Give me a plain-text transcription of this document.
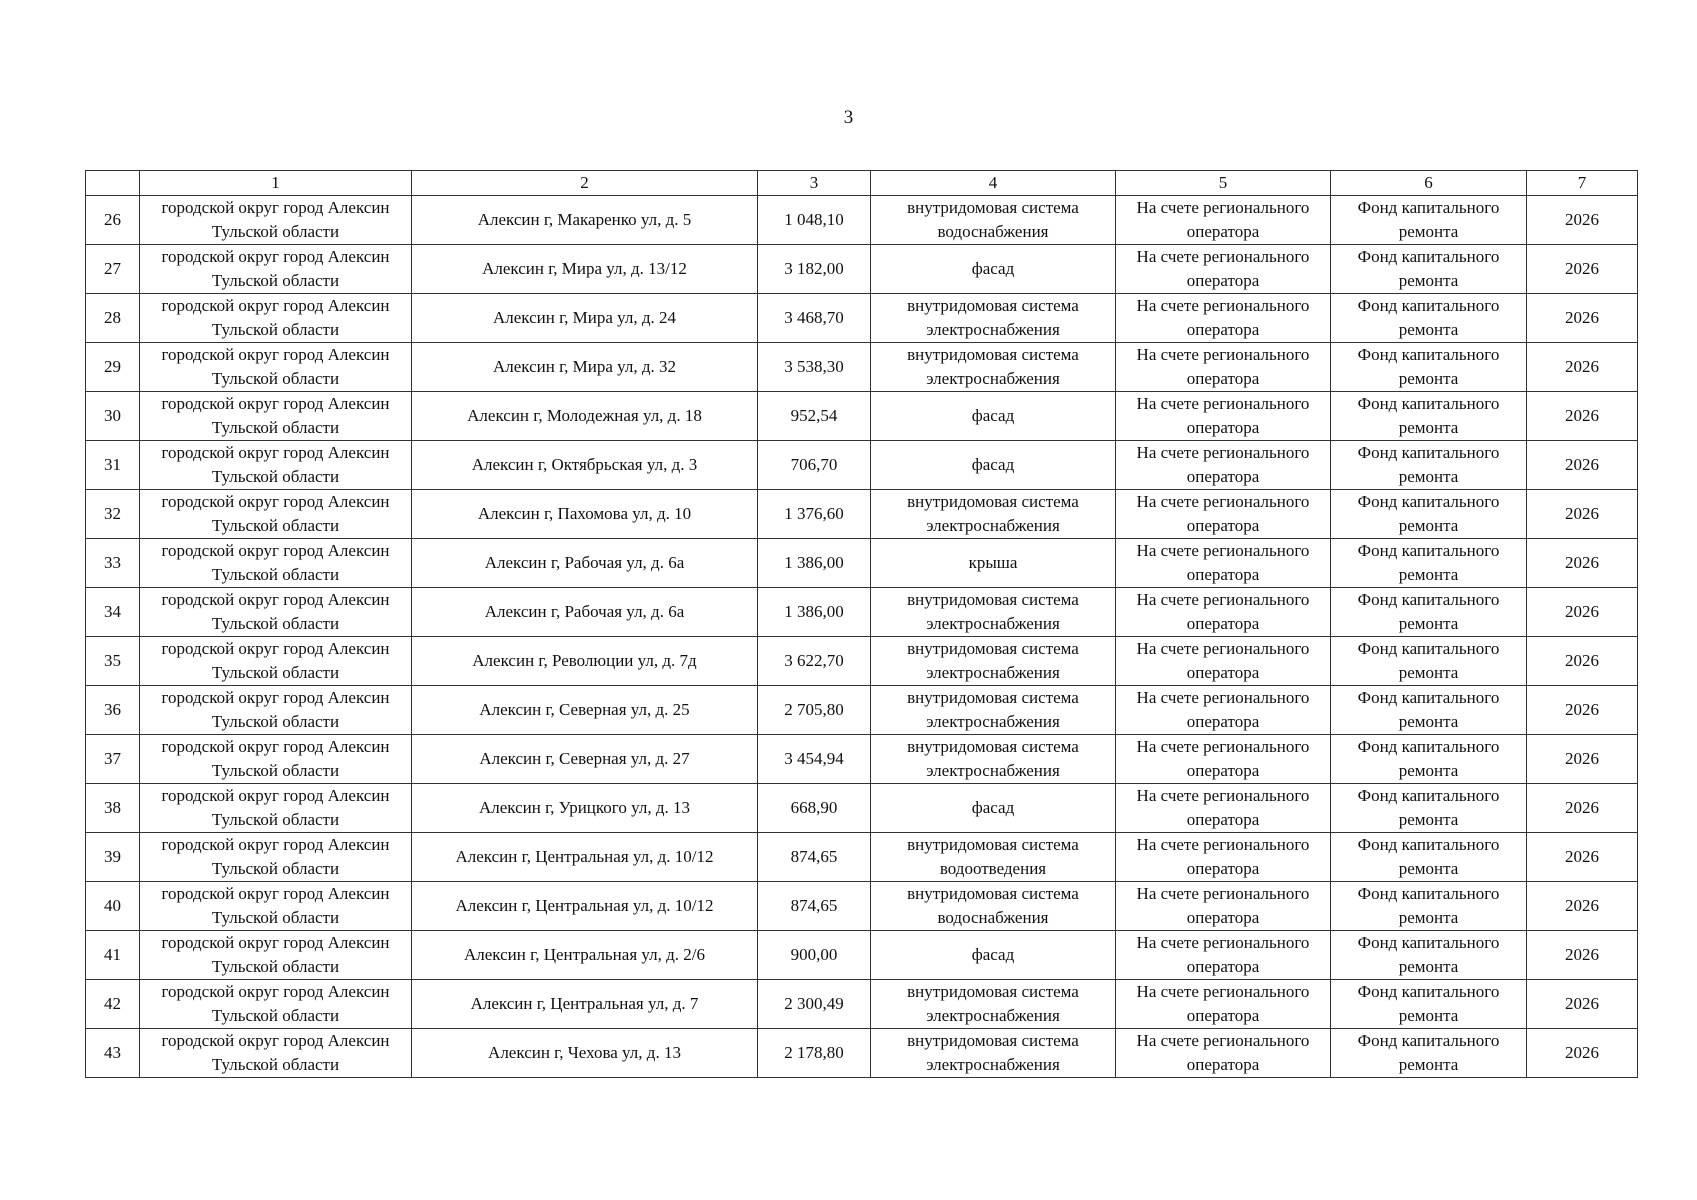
3
	1	2	3	4	5	6	7
26	городской округ город Алексин Тульской области	Алексин г, Макаренко ул, д. 5	1 048,10	внутридомовая система водоснабжения	На счете регионального оператора	Фонд капитального ремонта	2026
27	городской округ город Алексин Тульской области	Алексин г, Мира ул, д. 13/12	3 182,00	фасад	На счете регионального оператора	Фонд капитального ремонта	2026
28	городской округ город Алексин Тульской области	Алексин г, Мира ул, д. 24	3 468,70	внутридомовая система электроснабжения	На счете регионального оператора	Фонд капитального ремонта	2026
29	городской округ город Алексин Тульской области	Алексин г, Мира ул, д. 32	3 538,30	внутридомовая система электроснабжения	На счете регионального оператора	Фонд капитального ремонта	2026
30	городской округ город Алексин Тульской области	Алексин г, Молодежная ул, д. 18	952,54	фасад	На счете регионального оператора	Фонд капитального ремонта	2026
31	городской округ город Алексин Тульской области	Алексин г, Октябрьская ул, д. 3	706,70	фасад	На счете регионального оператора	Фонд капитального ремонта	2026
32	городской округ город Алексин Тульской области	Алексин г, Пахомова ул, д. 10	1 376,60	внутридомовая система электроснабжения	На счете регионального оператора	Фонд капитального ремонта	2026
33	городской округ город Алексин Тульской области	Алексин г, Рабочая ул, д. 6а	1 386,00	крыша	На счете регионального оператора	Фонд капитального ремонта	2026
34	городской округ город Алексин Тульской области	Алексин г, Рабочая ул, д. 6а	1 386,00	внутридомовая система электроснабжения	На счете регионального оператора	Фонд капитального ремонта	2026
35	городской округ город Алексин Тульской области	Алексин г, Революции ул, д. 7д	3 622,70	внутридомовая система электроснабжения	На счете регионального оператора	Фонд капитального ремонта	2026
36	городской округ город Алексин Тульской области	Алексин г, Северная ул, д. 25	2 705,80	внутридомовая система электроснабжения	На счете регионального оператора	Фонд капитального ремонта	2026
37	городской округ город Алексин Тульской области	Алексин г, Северная ул, д. 27	3 454,94	внутридомовая система электроснабжения	На счете регионального оператора	Фонд капитального ремонта	2026
38	городской округ город Алексин Тульской области	Алексин г, Урицкого ул, д. 13	668,90	фасад	На счете регионального оператора	Фонд капитального ремонта	2026
39	городской округ город Алексин Тульской области	Алексин г, Центральная ул, д. 10/12	874,65	внутридомовая система водоотведения	На счете регионального оператора	Фонд капитального ремонта	2026
40	городской округ город Алексин Тульской области	Алексин г, Центральная ул, д. 10/12	874,65	внутридомовая система водоснабжения	На счете регионального оператора	Фонд капитального ремонта	2026
41	городской округ город Алексин Тульской области	Алексин г, Центральная ул, д. 2/6	900,00	фасад	На счете регионального оператора	Фонд капитального ремонта	2026
42	городской округ город Алексин Тульской области	Алексин г, Центральная ул, д. 7	2 300,49	внутридомовая система электроснабжения	На счете регионального оператора	Фонд капитального ремонта	2026
43	городской округ город Алексин Тульской области	Алексин г, Чехова ул, д. 13	2 178,80	внутридомовая система электроснабжения	На счете регионального оператора	Фонд капитального ремонта	2026
